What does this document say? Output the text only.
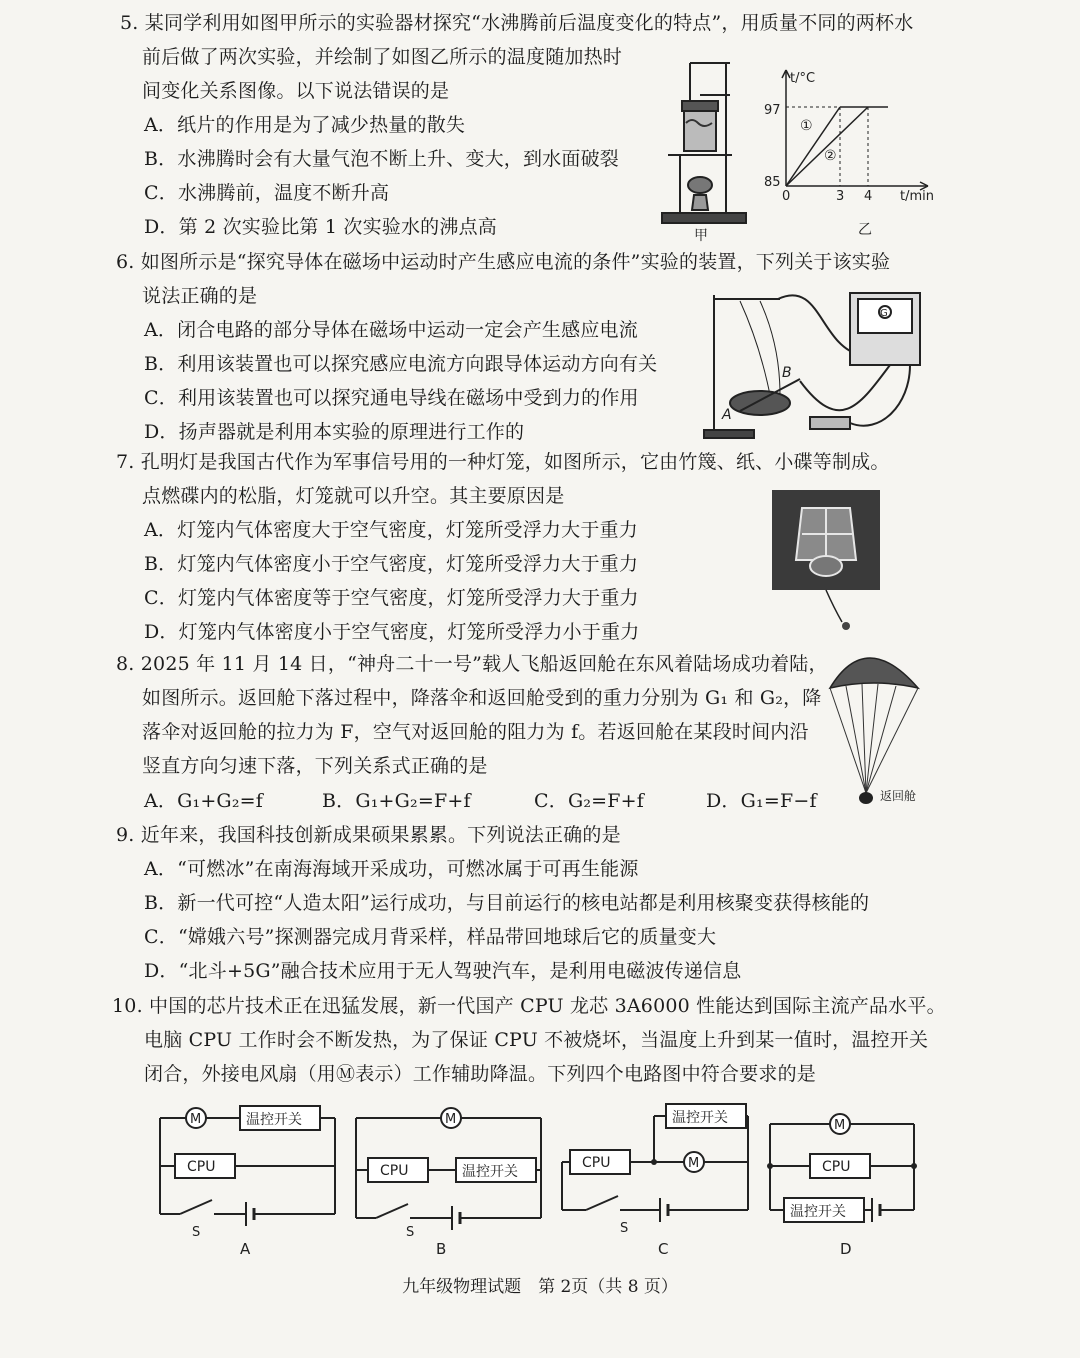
5. 某同学利用如图甲所示的实验器材探究“水沸腾前后温度变化的特点”，用质量不同的两杯水
前后做了两次实验，并绘制了如图乙所示的温度随加热时
间变化关系图像。以下说法错误的是
A．纸片的作用是为了减少热量的散失
B．水沸腾时会有大量气泡不断上升、变大，到水面破裂
C．水沸腾前，温度不断升高
D．第 2 次实验比第 1 次实验水的沸点高	甲
t/°C
t/min
97
85
0	3 4
①
②
乙
6. 如图所示是“探究导体在磁场中运动时产生感应电流的条件”实验的装置，下列关于该实验
说法正确的是
A．闭合电路的部分导体在磁场中运动一定会产生感应电流
B．利用该装置也可以探究感应电流方向跟导体运动方向有关
C．利用该装置也可以探究通电导线在磁场中受到力的作用
D．扬声器就是利用本实验的原理进行工作的
A
B
G
7. 孔明灯是我国古代作为军事信号用的一种灯笼，如图所示，它由竹篾、纸、小碟等制成。
点燃碟内的松脂，灯笼就可以升空。其主要原因是
A．灯笼内气体密度大于空气密度，灯笼所受浮力大于重力
B．灯笼内气体密度小于空气密度，灯笼所受浮力大于重力
C．灯笼内气体密度等于空气密度，灯笼所受浮力大于重力
D．灯笼内气体密度小于空气密度，灯笼所受浮力小于重力
8. 2025 年 11 月 14 日，“神舟二十一号”载人飞船返回舱在东风着陆场成功着陆，
如图所示。返回舱下落过程中，降落伞和返回舱受到的重力分别为 G₁ 和 G₂，降
落伞对返回舱的拉力为 F，空气对返回舱的阻力为 f。若返回舱在某段时间内沿
竖直方向匀速下落，下列关系式正确的是
A．G₁+G₂=f	B．G₁+G₂=F+f	C．G₂=F+f	D．G₁=F−f	返回舱
9. 近年来，我国科技创新成果硕果累累。下列说法正确的是
A．“可燃冰”在南海海域开采成功，可燃冰属于可再生能源
B．新一代可控“人造太阳”运行成功，与目前运行的核电站都是利用核聚变获得核能的
C．“嫦娥六号”探测器完成月背采样，样品带回地球后它的质量变大
D．“北斗+5G”融合技术应用于无人驾驶汽车，是利用电磁波传递信息
10. 中国的芯片技术正在迅猛发展，新一代国产 CPU 龙芯 3A6000 性能达到国际主流产品水平。
电脑 CPU 工作时会不断发热，为了保证 CPU 不被烧坏，当温度上升到某一值时，温控开关
闭合，外接电风扇（用Ⓜ表示）工作辅助降温。下列四个电路图中符合要求的是
M	温控开关
CPU
S
A
M
CPU	温控开关
S
B
温控开关
CPU	M
S
C
M
CPU
温控开关
D
九年级物理试题　第 2页（共 8 页）
